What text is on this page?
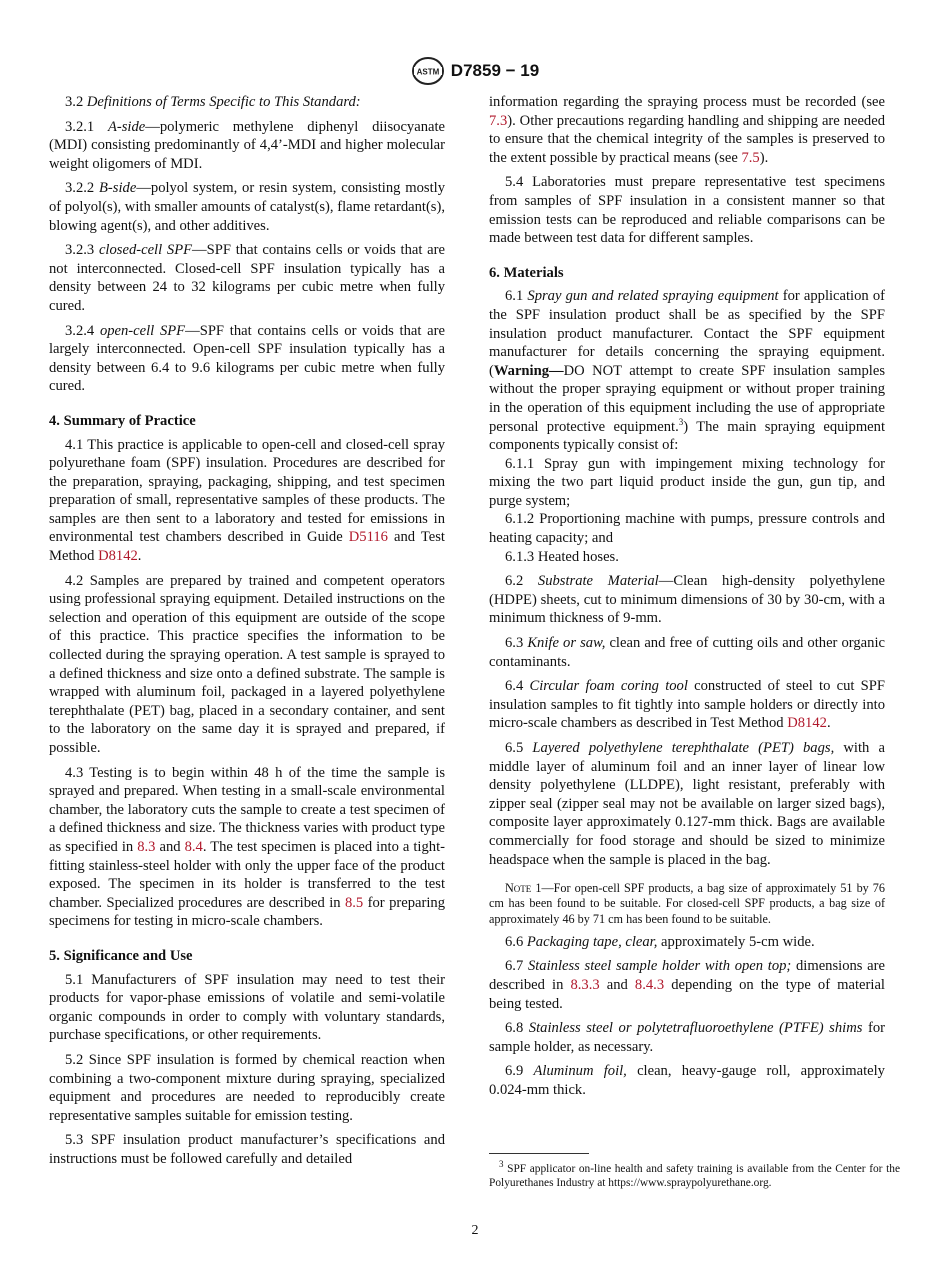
ASTM D7859 − 19

3.2 Definitions of Terms Specific to This Standard:

3.2.1 A-side—polymeric methylene diphenyl diisocyanate (MDI) consisting predominantly of 4,4’-MDI and higher molecular weight oligomers of MDI.

3.2.2 B-side—polyol system, or resin system, consisting mostly of polyol(s), with smaller amounts of catalyst(s), flame retardant(s), blowing agent(s), and other additives.

3.2.3 closed-cell SPF—SPF that contains cells or voids that are not interconnected. Closed-cell SPF insulation typically has a density between 24 to 32 kilograms per cubic metre when fully cured.

3.2.4 open-cell SPF—SPF that contains cells or voids that are largely interconnected. Open-cell SPF insulation typically has a density between 6.4 to 9.6 kilograms per cubic metre when fully cured.

4. Summary of Practice

4.1 This practice is applicable to open-cell and closed-cell spray polyurethane foam (SPF) insulation. Procedures are described for the preparation, spraying, packaging, shipping, and test specimen preparation of small, representative samples of these products. The samples are then sent to a laboratory and tested for emissions in environmental test chambers described in Guide D5116 and Test Method D8142.

4.2 Samples are prepared by trained and competent operators using professional spraying equipment. Detailed instructions on the selection and operation of this equipment are outside of the scope of this practice. This practice specifies the information to be collected during the spraying operation. A test sample is sprayed to a defined thickness and size onto a defined substrate. The sample is wrapped with aluminum foil, packaged in a layered polyethylene terephthalate (PET) bag, placed in a secondary container, and sent to the laboratory on the same day it is sprayed and prepared, if possible.

4.3 Testing is to begin within 48 h of the time the sample is sprayed and prepared. When testing in a small-scale environmental chamber, the laboratory cuts the sample to create a test specimen of a defined thickness and size. The thickness varies with product type as specified in 8.3 and 8.4. The test specimen is placed into a tight-fitting stainless-steel holder with only the upper face of the product exposed. The specimen in its holder is transferred to the test chamber. Specialized procedures are described in 8.5 for preparing specimens for testing in micro-scale chambers.

5. Significance and Use

5.1 Manufacturers of SPF insulation may need to test their products for vapor-phase emissions of volatile and semi-volatile organic compounds in order to comply with voluntary standards, purchase specifications, or other requirements.

5.2 Since SPF insulation is formed by chemical reaction when combining a two-component mixture during spraying, specialized equipment and procedures are needed to reproducibly create representative samples suitable for emission testing.

5.3 SPF insulation product manufacturer’s specifications and instructions must be followed carefully and detailed

information regarding the spraying process must be recorded (see 7.3). Other precautions regarding handling and shipping are needed to ensure that the chemical integrity of the samples is preserved to the extent possible by practical means (see 7.5).

5.4 Laboratories must prepare representative test specimens from samples of SPF insulation in a consistent manner so that emission tests can be reproduced and reliable comparisons can be made between test data for different samples.

6. Materials

6.1 Spray gun and related spraying equipment for application of the SPF insulation product shall be as specified by the SPF insulation product manufacturer. Contact the SPF equipment manufacturer for details concerning the spraying equipment. (Warning—DO NOT attempt to create SPF insulation samples without the proper spraying equipment or without proper training in the operation of this equipment including the use of appropriate personal protective equipment.$^3$) The main spraying equipment components typically consist of:

6.1.1 Spray gun with impingement mixing technology for mixing the two part liquid product inside the gun, gun tip, and purge system;

6.1.2 Proportioning machine with pumps, pressure controls and heating capacity; and

6.1.3 Heated hoses.

6.2 Substrate Material—Clean high-density polyethylene (HDPE) sheets, cut to minimum dimensions of 30 by 30-cm, with a minimum thickness of 9-mm.

6.3 Knife or saw, clean and free of cutting oils and other organic contaminants.

6.4 Circular foam coring tool constructed of steel to cut SPF insulation samples to fit tightly into sample holders or directly into micro-scale chambers as described in Test Method D8142.

6.5 Layered polyethylene terephthalate (PET) bags, with a middle layer of aluminum foil and an inner layer of linear low density polyethylene (LLDPE), light resistant, preferably with zipper seal (zipper seal may not be available on larger sized bags), composite layer approximately 0.127-mm thick. Bags are available commercially for food storage and should be sized to minimize headspace when the sample is placed in the bag.

Note 1—For open-cell SPF products, a bag size of approximately 51 by 76 cm has been found to be suitable. For closed-cell SPF products, a bag size of approximately 46 by 71 cm has been found to be suitable.

6.6 Packaging tape, clear, approximately 5-cm wide.

6.7 Stainless steel sample holder with open top; dimensions are described in 8.3.3 and 8.4.3 depending on the type of material being tested.

6.8 Stainless steel or polytetrafluoroethylene (PTFE) shims for sample holder, as necessary.

6.9 Aluminum foil, clean, heavy-gauge roll, approximately 0.024-mm thick.

$^3$ SPF applicator on-line health and safety training is available from the Center for the Polyurethanes Industry at https://www.spraypolyurethane.org.
2
